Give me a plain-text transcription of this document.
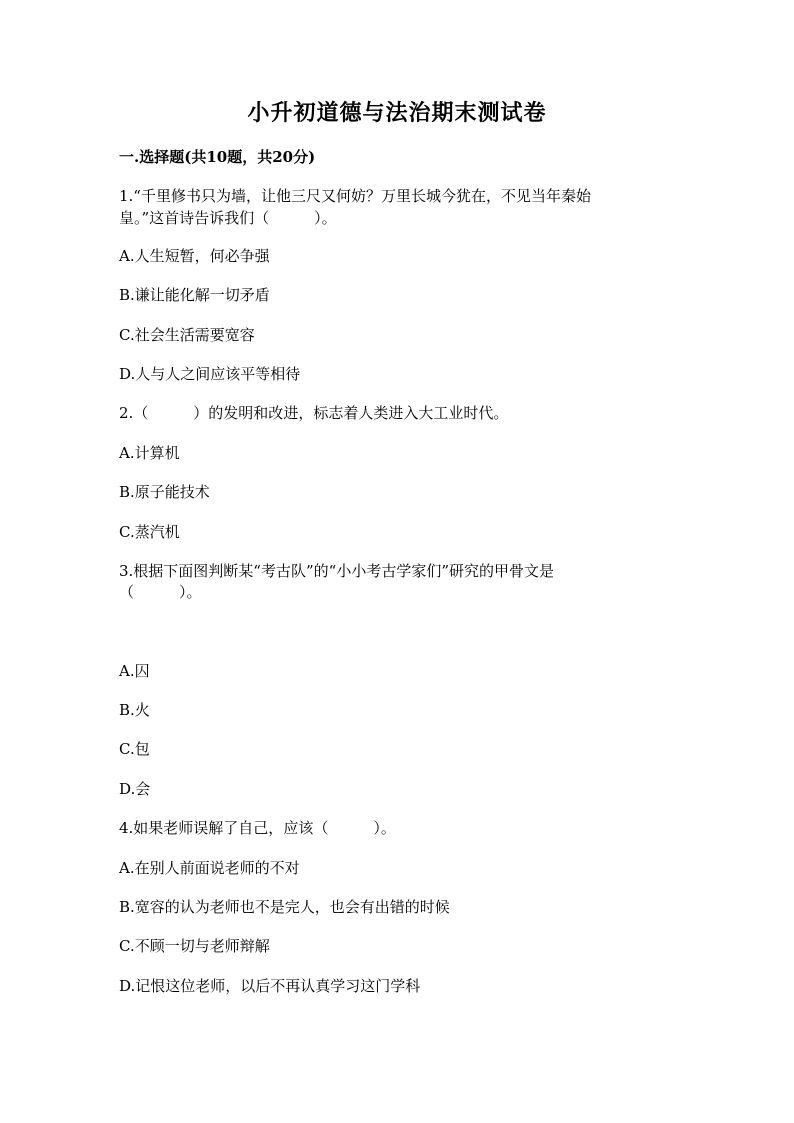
小升初道德与法治期末测试卷
一.选择题(共10题，共20分)
1.“千里修书只为墙，让他三尺又何妨？万里长城今犹在，不见当年秦始
皇。”这首诗告诉我们（　　　）。
A.人生短暂，何必争强
B.谦让能化解一切矛盾
C.社会生活需要宽容
D.人与人之间应该平等相待
2.（　　　）的发明和改进，标志着人类进入大工业时代。
A.计算机
B.原子能技术
C.蒸汽机
3.根据下面图判断某“考古队”的“小小考古学家们”研究的甲骨文是
（　　　）。
A.囚
B.火
C.包
D.会
4.如果老师误解了自己，应该（　　　）。
A.在别人前面说老师的不对
B.宽容的认为老师也不是完人，也会有出错的时候
C.不顾一切与老师辩解
D.记恨这位老师，以后不再认真学习这门学科
